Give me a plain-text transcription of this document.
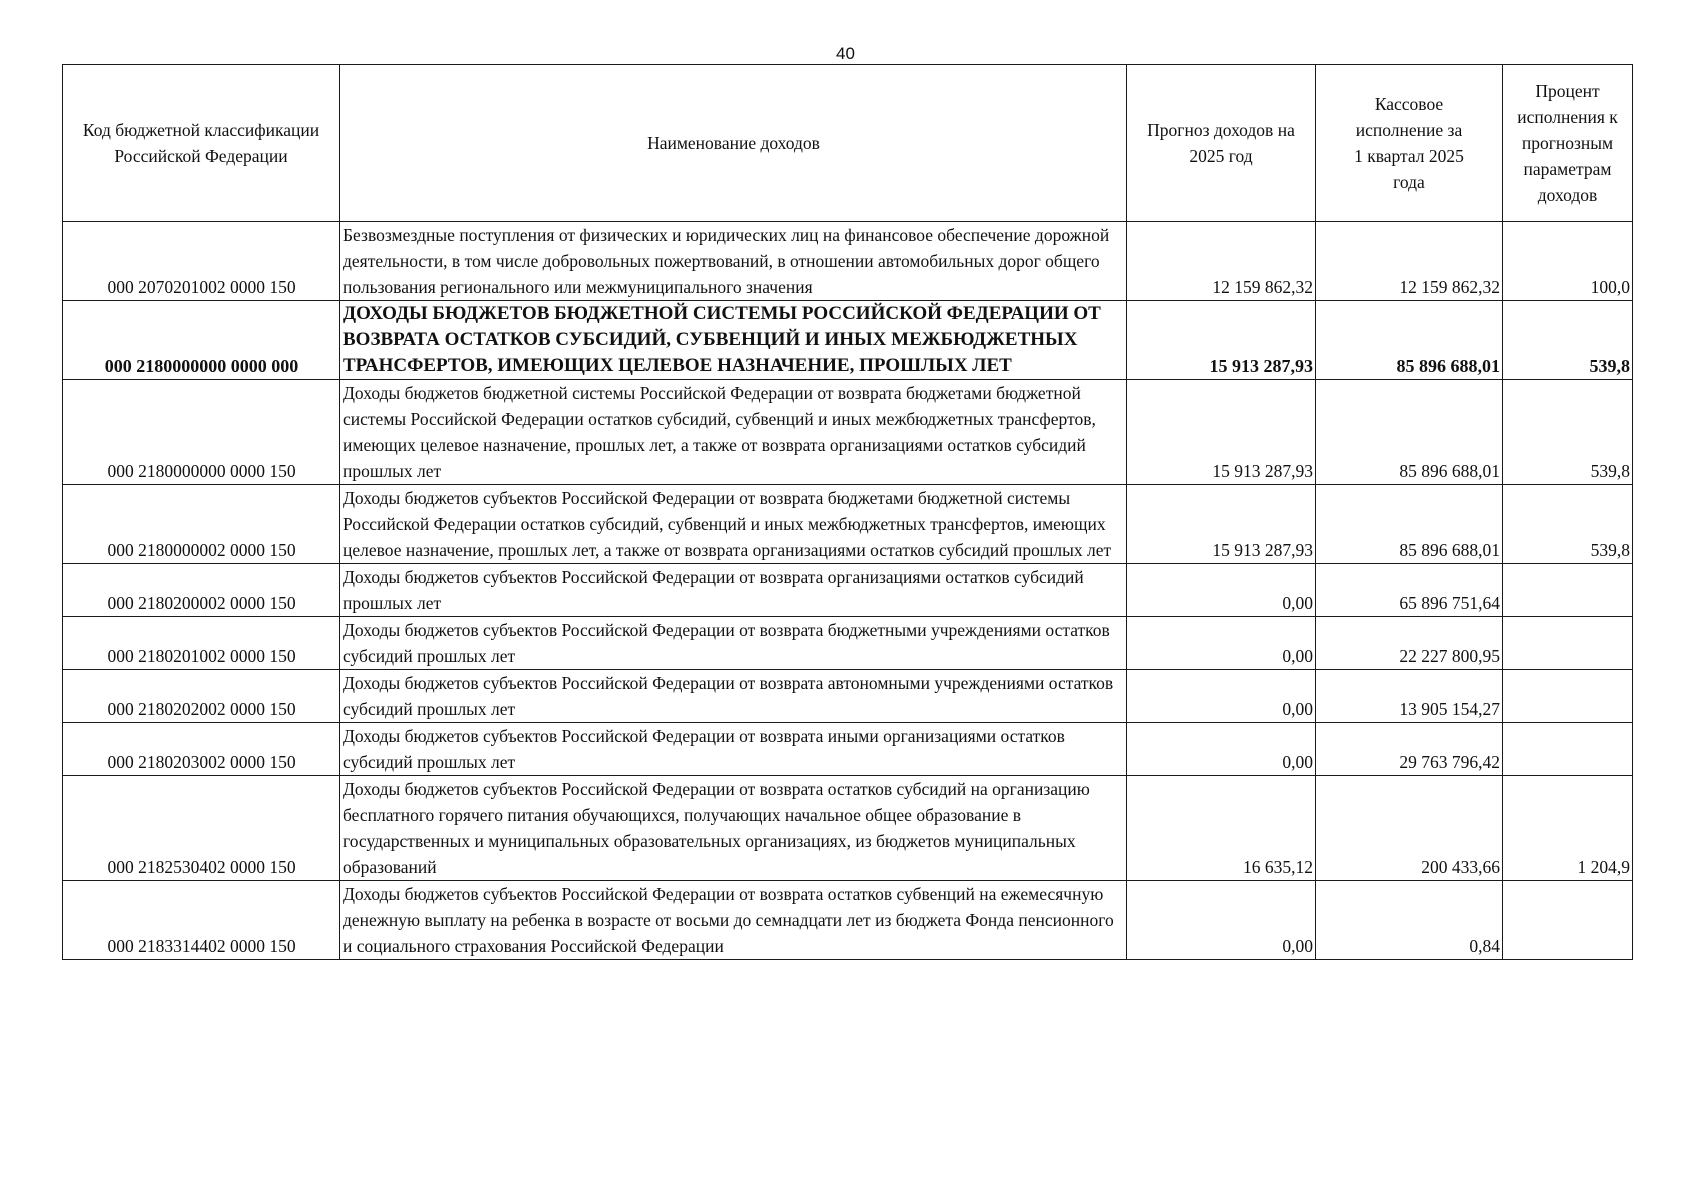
40
Код бюджетной классификации Российской Федерации	Наименование доходов	Прогноз доходов на 2025 год	Кассовое исполнение за 1 квартал 2025 года	Процент исполнения к прогнозным параметрам доходов
000 2070201002 0000 150	Безвозмездные поступления от физических и юридических лиц на финансовое обеспечение дорожной деятельности, в том числе добровольных пожертвований, в отношении автомобильных дорог общего пользования регионального или межмуниципального значения	12 159 862,32	12 159 862,32	100,0
000 2180000000 0000 000	ДОХОДЫ БЮДЖЕТОВ БЮДЖЕТНОЙ СИСТЕМЫ РОССИЙСКОЙ ФЕДЕРАЦИИ ОТ ВОЗВРАТА ОСТАТКОВ СУБСИДИЙ, СУБВЕНЦИЙ И ИНЫХ МЕЖБЮДЖЕТНЫХ ТРАНСФЕРТОВ, ИМЕЮЩИХ ЦЕЛЕВОЕ НАЗНАЧЕНИЕ, ПРОШЛЫХ ЛЕТ	15 913 287,93	85 896 688,01	539,8
000 2180000000 0000 150	Доходы бюджетов бюджетной системы Российской Федерации от возврата бюджетами бюджетной системы Российской Федерации остатков субсидий, субвенций и иных межбюджетных трансфертов, имеющих целевое назначение, прошлых лет, а также от возврата организациями остатков субсидий прошлых лет	15 913 287,93	85 896 688,01	539,8
000 2180000002 0000 150	Доходы бюджетов субъектов Российской Федерации от возврата бюджетами бюджетной системы Российской Федерации остатков субсидий, субвенций и иных межбюджетных трансфертов, имеющих целевое назначение, прошлых лет, а также от возврата организациями остатков субсидий прошлых лет	15 913 287,93	85 896 688,01	539,8
000 2180200002 0000 150	Доходы бюджетов субъектов Российской Федерации от возврата организациями остатков субсидий прошлых лет	0,00	65 896 751,64	
000 2180201002 0000 150	Доходы бюджетов субъектов Российской Федерации от возврата бюджетными учреждениями остатков субсидий прошлых лет	0,00	22 227 800,95	
000 2180202002 0000 150	Доходы бюджетов субъектов Российской Федерации от возврата автономными учреждениями остатков субсидий прошлых лет	0,00	13 905 154,27	
000 2180203002 0000 150	Доходы бюджетов субъектов Российской Федерации от возврата иными организациями остатков субсидий прошлых лет	0,00	29 763 796,42	
000 2182530402 0000 150	Доходы бюджетов субъектов Российской Федерации от возврата остатков субсидий на организацию бесплатного горячего питания обучающихся, получающих начальное общее образование в государственных и муниципальных образовательных организациях, из бюджетов муниципальных образований	16 635,12	200 433,66	1 204,9
000 2183314402 0000 150	Доходы бюджетов субъектов Российской Федерации от возврата остатков субвенций на ежемесячную денежную выплату на ребенка в возрасте от восьми до семнадцати лет из бюджета Фонда пенсионного и социального страхования Российской Федерации	0,00	0,84	
